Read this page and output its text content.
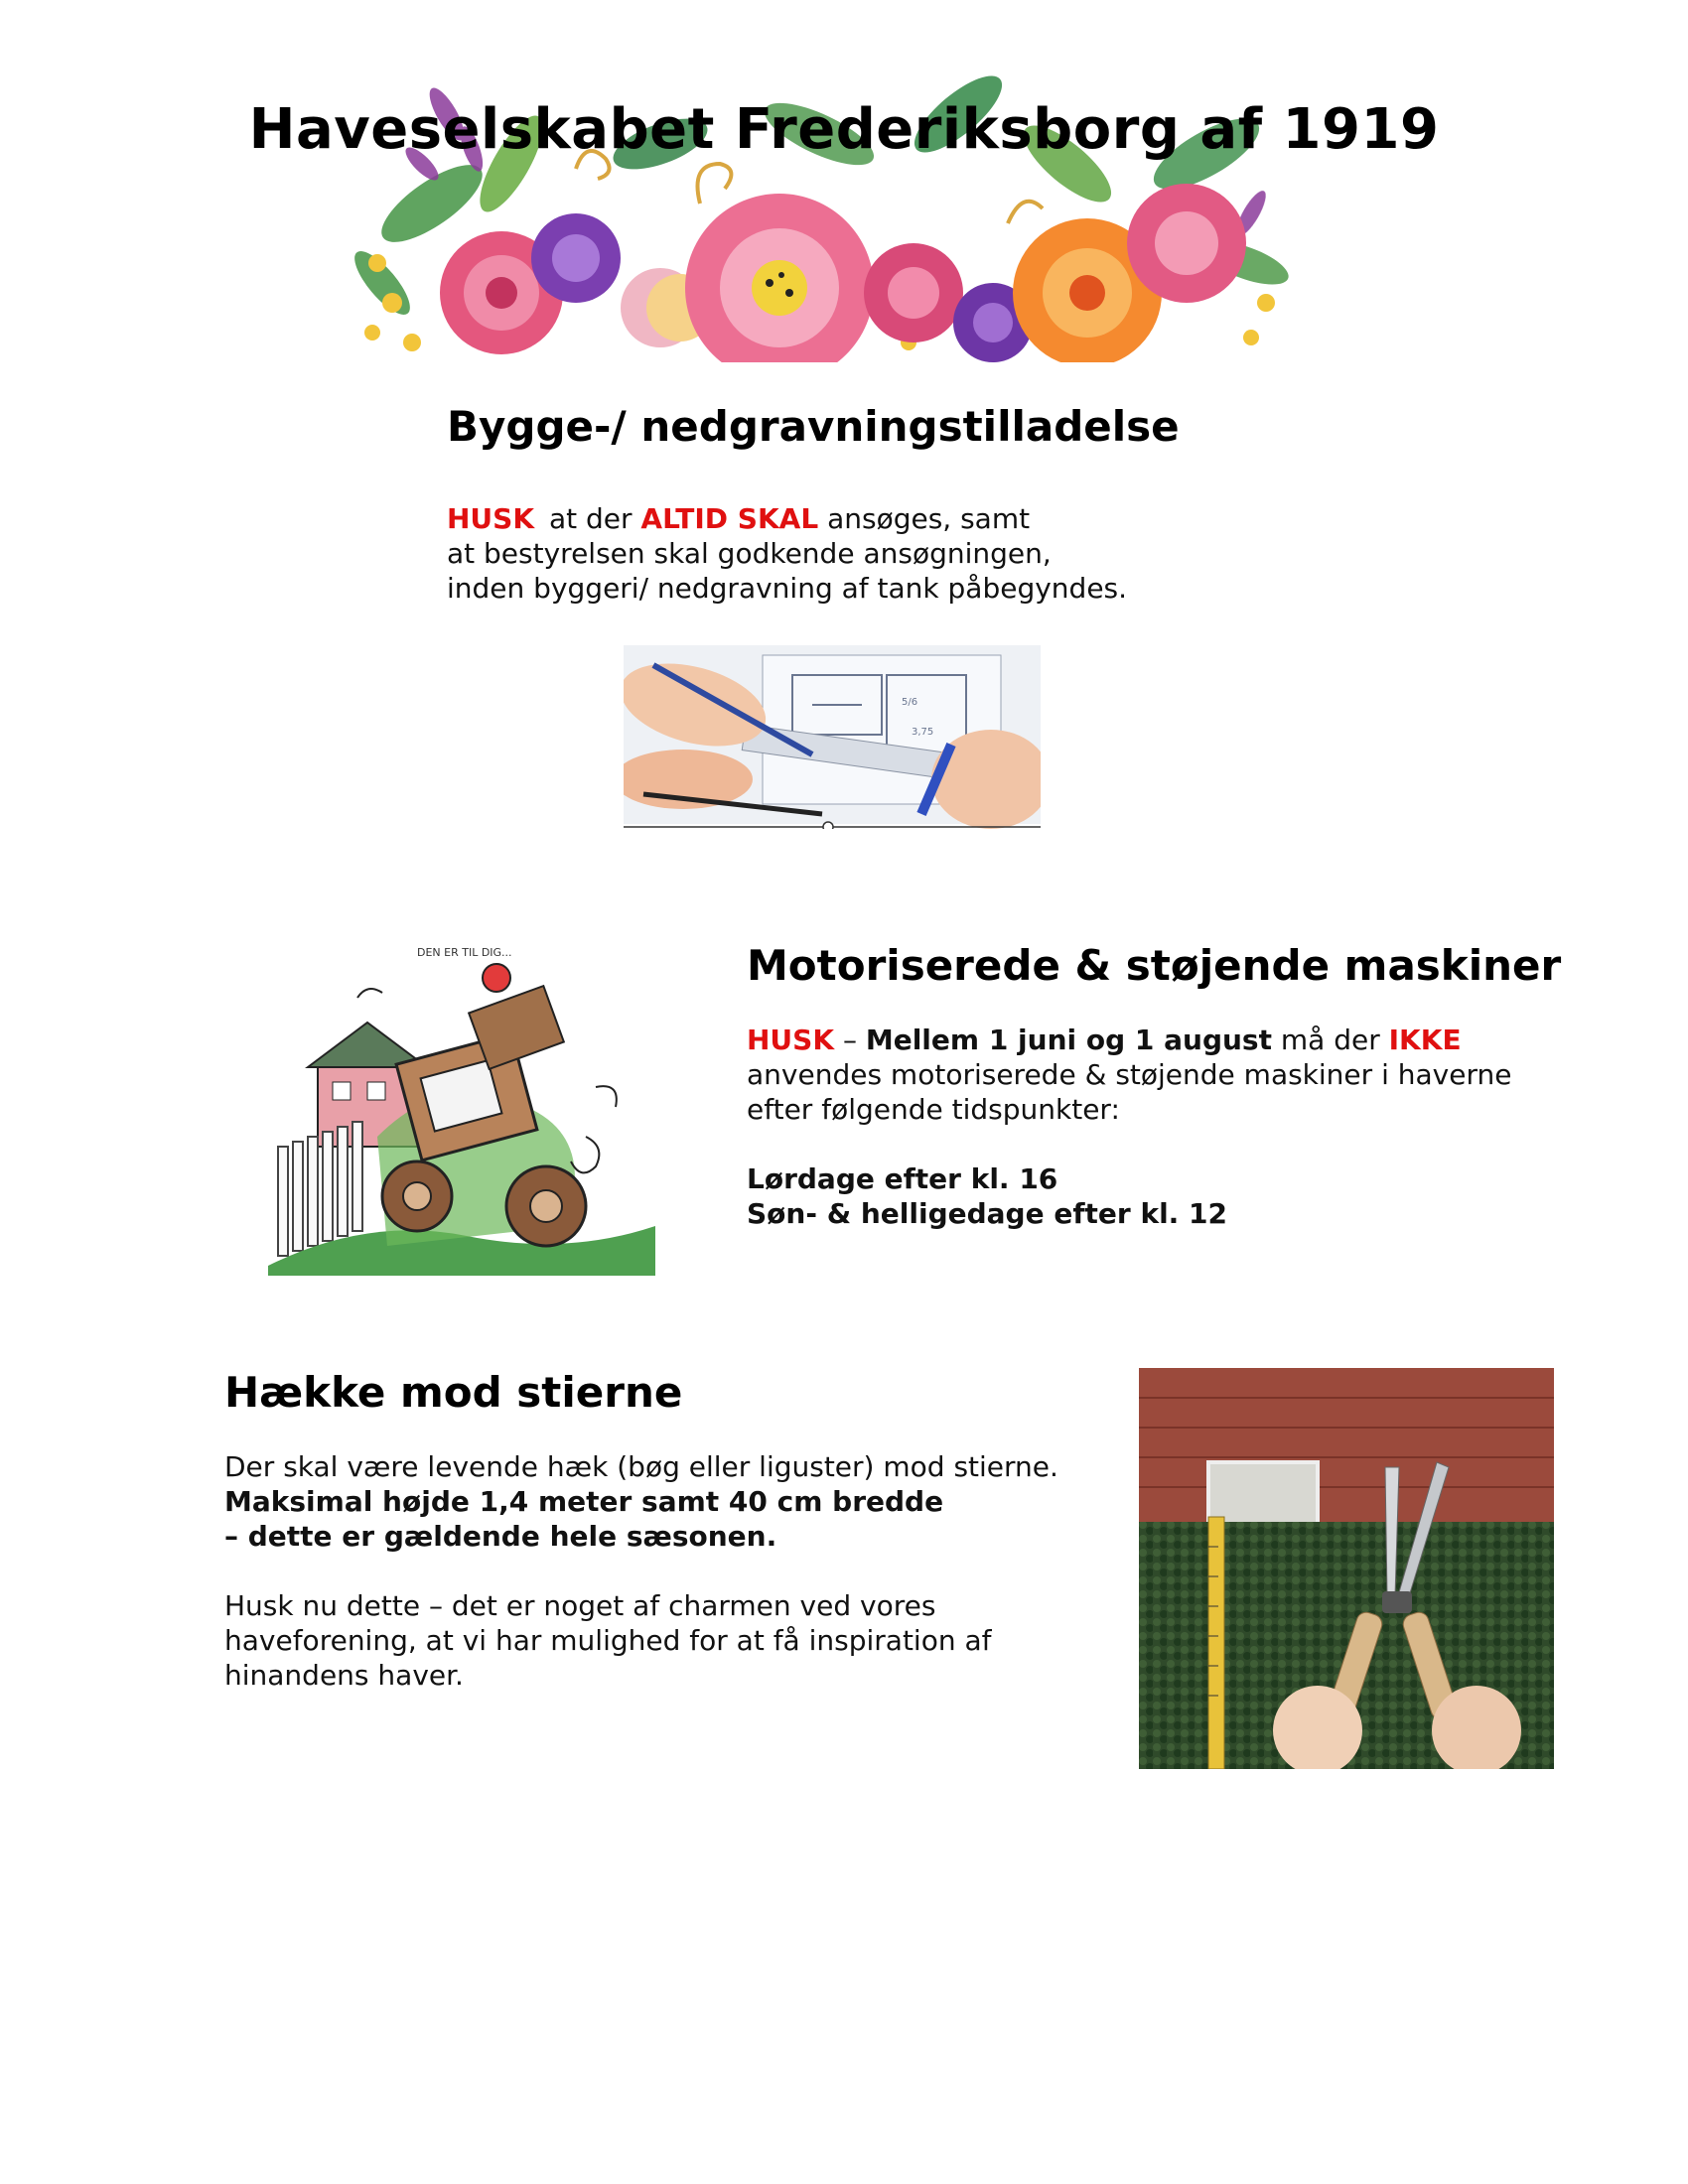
Haveselskabet Frederiksborg af 1919
Bygge-/ nedgravningstilladelse
HUSK at der ALTID SKAL ansøges, samt
at bestyrelsen skal godkende ansøgningen,
inden byggeri/ nedgravning af tank påbegyndes.
5/6
3,75
DEN ER TIL DIG...	Motoriserede & støjende maskiner
HUSK – Mellem 1 juni og 1 august må der IKKE
anvendes motoriserede & støjende maskiner i haverne
efter følgende tidspunkter:
Lørdage efter kl. 16
Søn- & helligedage efter kl. 12
Hække mod stierne
Der skal være levende hæk (bøg eller liguster) mod stierne.
Maksimal højde 1,4 meter samt 40 cm bredde
– dette er gældende hele sæsonen.
Husk nu dette – det er noget af charmen ved vores
haveforening, at vi har mulighed for at få inspiration af
hinandens haver.
